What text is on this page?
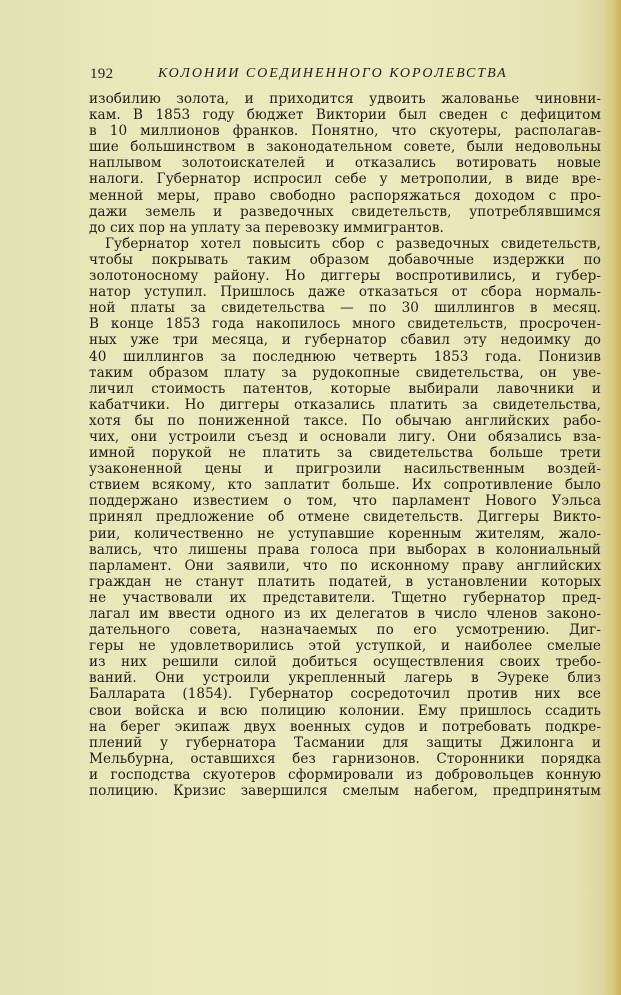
192	КОЛОНИИ СОЕДИНЕННОГО КОРОЛЕВСТВА
изобилию золота, и приходится удвоить жалованье чиновни-
кам. В 1853 году бюджет Виктории был сведен с дефицитом
в 10 миллионов франков. Понятно, что скуотеры, располагав-
шие большинством в законодательном совете, были недовольны
наплывом золотоискателей и отказались вотировать новые
налоги. Губернатор испросил себе у метрополии, в виде вре-
менной меры, право свободно распоряжаться доходом с про-
дажи земель и разведочных свидетельств, употреблявшимся
до сих пор на уплату за перевозку иммигрантов.
Губернатор хотел повысить сбор с разведочных свидетельств,
чтобы покрывать таким образом добавочные издержки по
золотоносному району. Но диггеры воспротивились, и губер-
натор уступил. Пришлось даже отказаться от сбора нормаль-
ной платы за свидетельства — по 30 шиллингов в месяц.
В конце 1853 года накопилось много свидетельств, просрочен-
ных уже три месяца, и губернатор сбавил эту недоимку до
40 шиллингов за последнюю четверть 1853 года. Понизив
таким образом плату за рудокопные свидетельства, он уве-
личил стоимость патентов, которые выбирали лавочники и
кабатчики. Но диггеры отказались платить за свидетельства,
хотя бы по пониженной таксе. По обычаю английских рабо-
чих, они устроили съезд и основали лигу. Они обязались вза-
имной порукой не платить за свидетельства больше трети
узаконенной цены и пригрозили насильственным воздей-
ствием всякому, кто заплатит больше. Их сопротивление было
поддержано известием о том, что парламент Нового Уэльса
принял предложение об отмене свидетельств. Диггеры Викто-
рии, количественно не уступавшие коренным жителям, жало-
вались, что лишены права голоса при выборах в колониальный
парламент. Они заявили, что по исконному праву английских
граждан не станут платить податей, в установлении которых
не участвовали их представители. Тщетно губернатор пред-
лагал им ввести одного из их делегатов в число членов законо-
дательного совета, назначаемых по его усмотрению. Диг-
геры не удовлетворились этой уступкой, и наиболее смелые
из них решили силой добиться осуществления своих требо-
ваний. Они устроили укрепленный лагерь в Эуреке близ
Балларата (1854). Губернатор сосредоточил против них все
свои войска и всю полицию колонии. Ему пришлось ссадить
на берег экипаж двух военных судов и потребовать подкре-
плений у губернатора Тасмании для защиты Джилонга и
Мельбурна, оставшихся без гарнизонов. Сторонники порядка
и господства скуотеров сформировали из добровольцев конную
полицию. Кризис завершился смелым набегом, предпринятым
